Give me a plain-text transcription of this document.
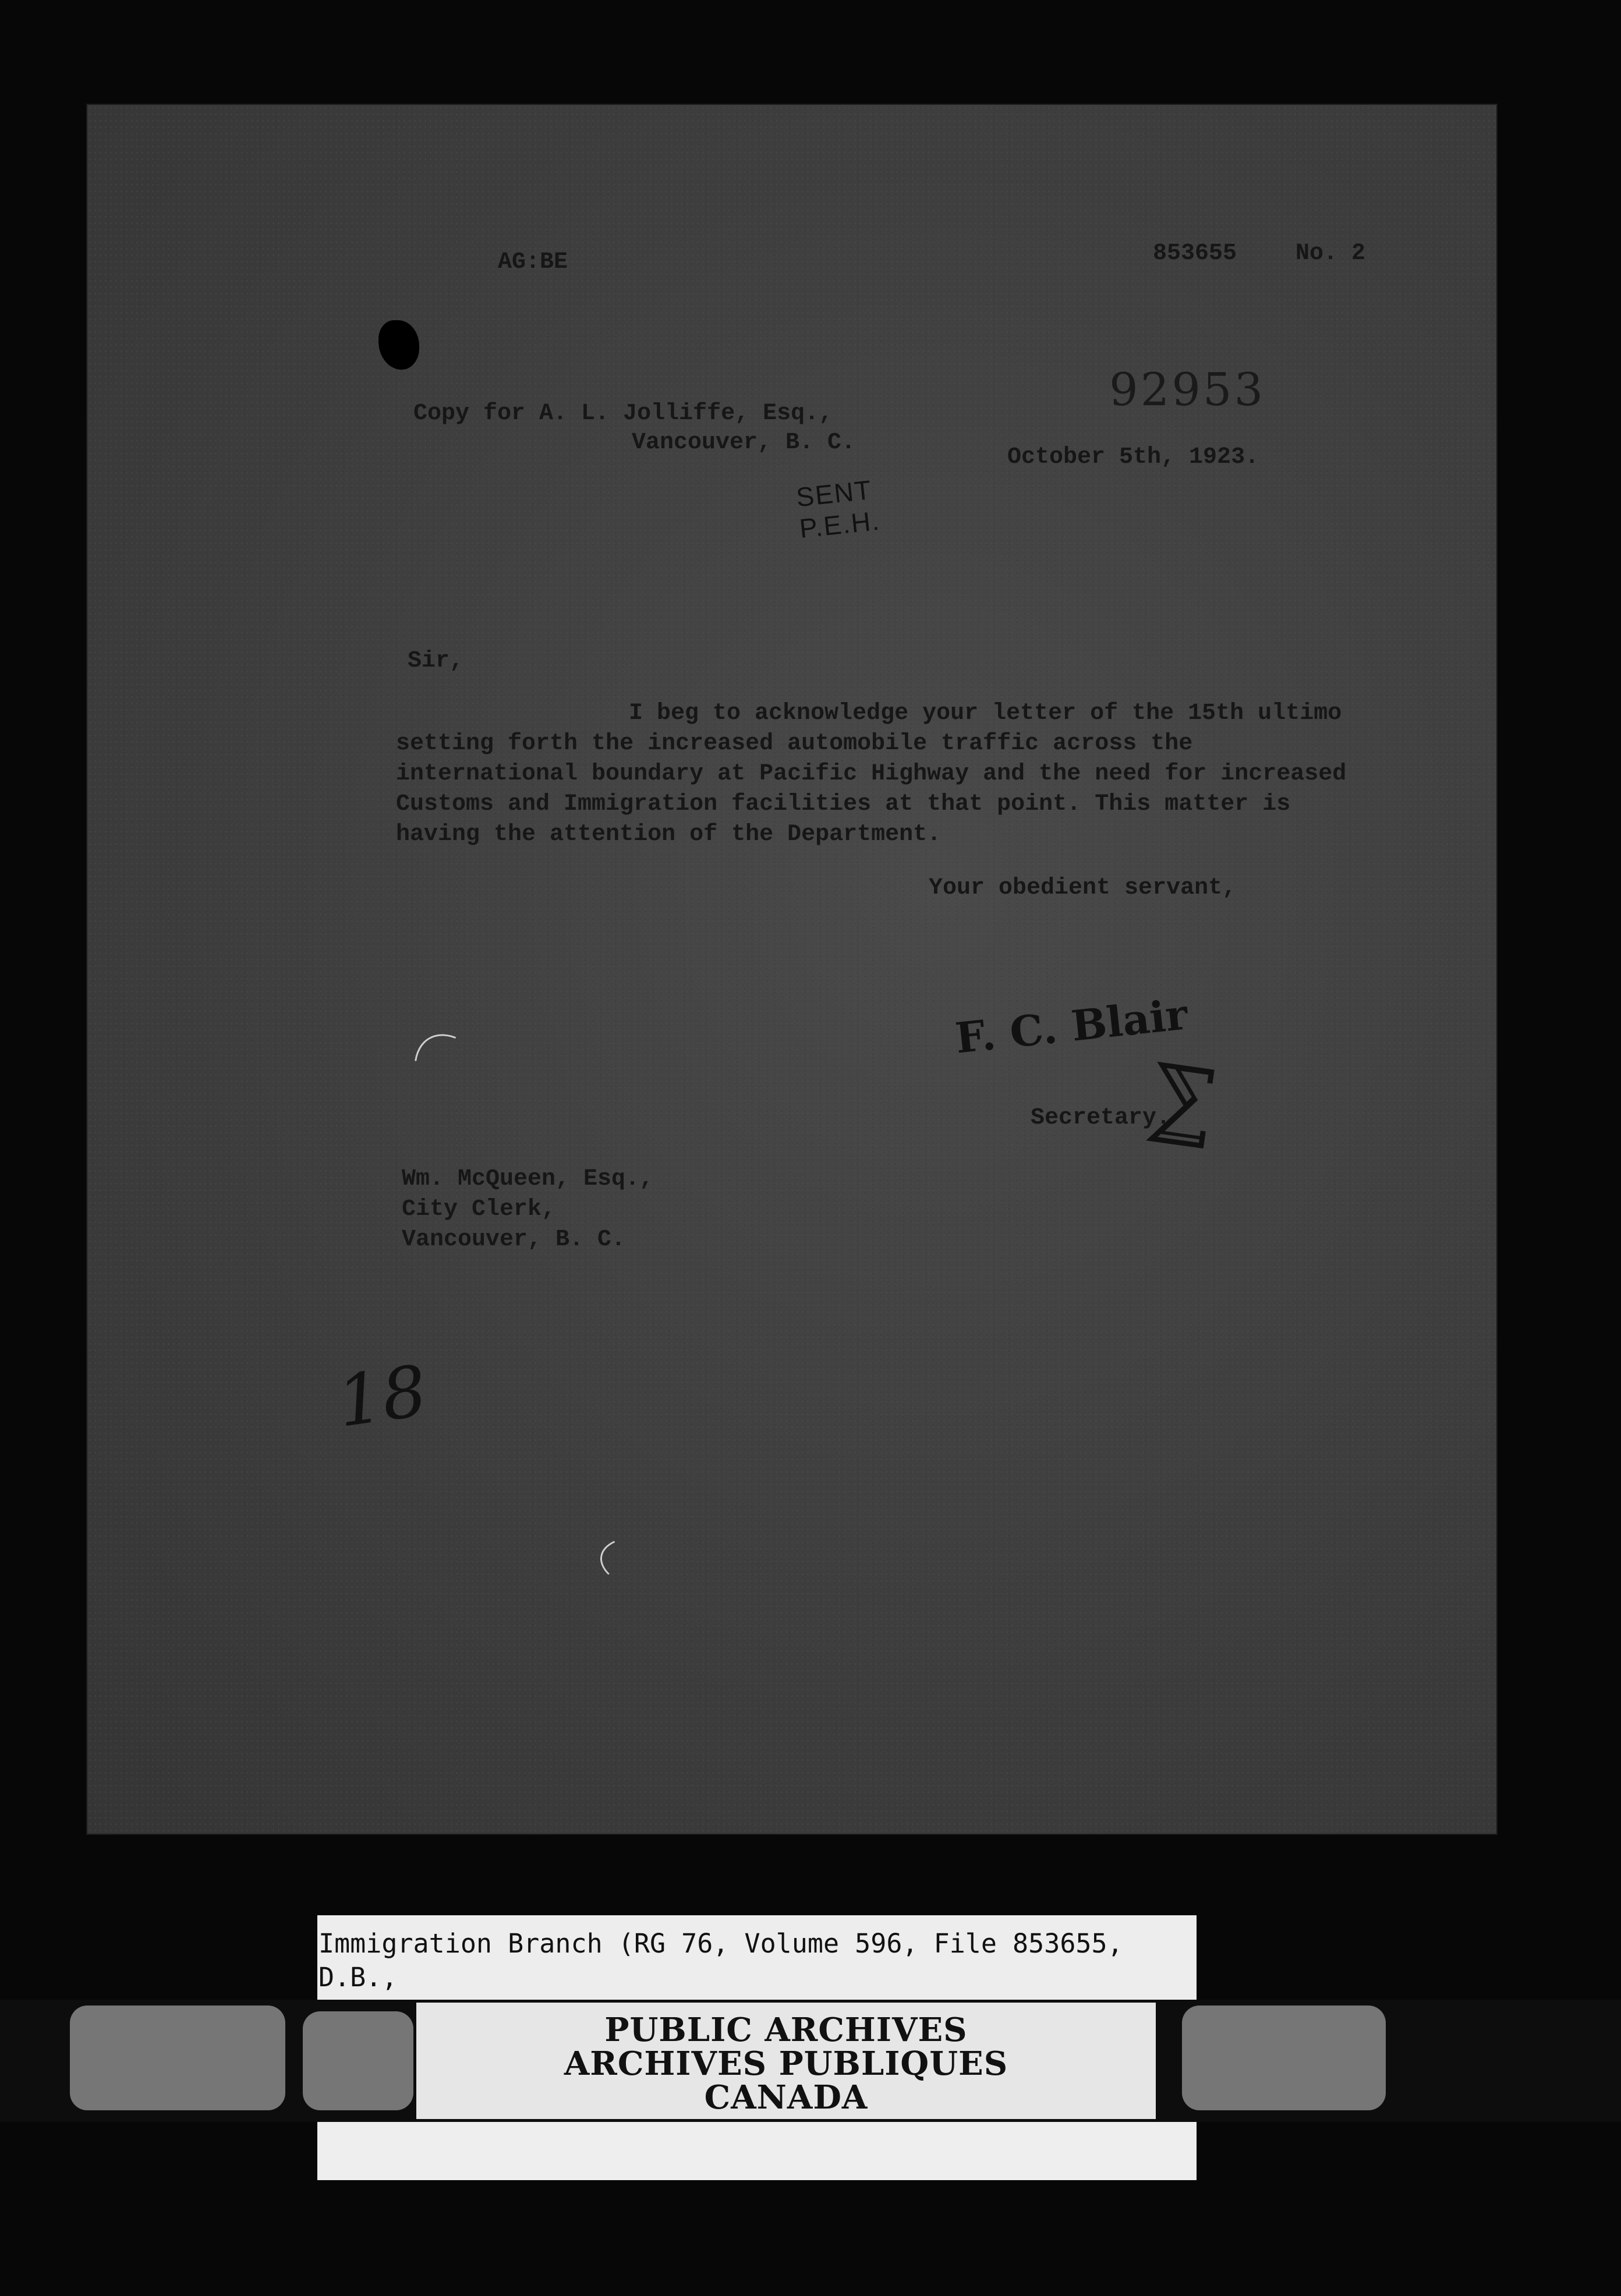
AG:BE	853655	No. 2
Copy for A. L. Jolliffe, Esq.,
Vancouver, B. C.
92953
October 5th, 1923.
SENT
P.E.H.
Sir,
I beg to acknowledge your letter of the 15th ultimo setting forth the increased automobile traffic across the international boundary at Pacific Highway and the need for increased Customs and Immigration facilities at that point. This matter is having the attention of the Department.
Your obedient servant,
F. C. Blair
Secretary.
⅀
Wm. McQueen, Esq.,
City Clerk,
Vancouver, B. C.
18
Immigration Branch (RG 76, Volume 596, File 853655, D.B.,
PUBLIC ARCHIVES
ARCHIVES PUBLIQUES
CANADA
